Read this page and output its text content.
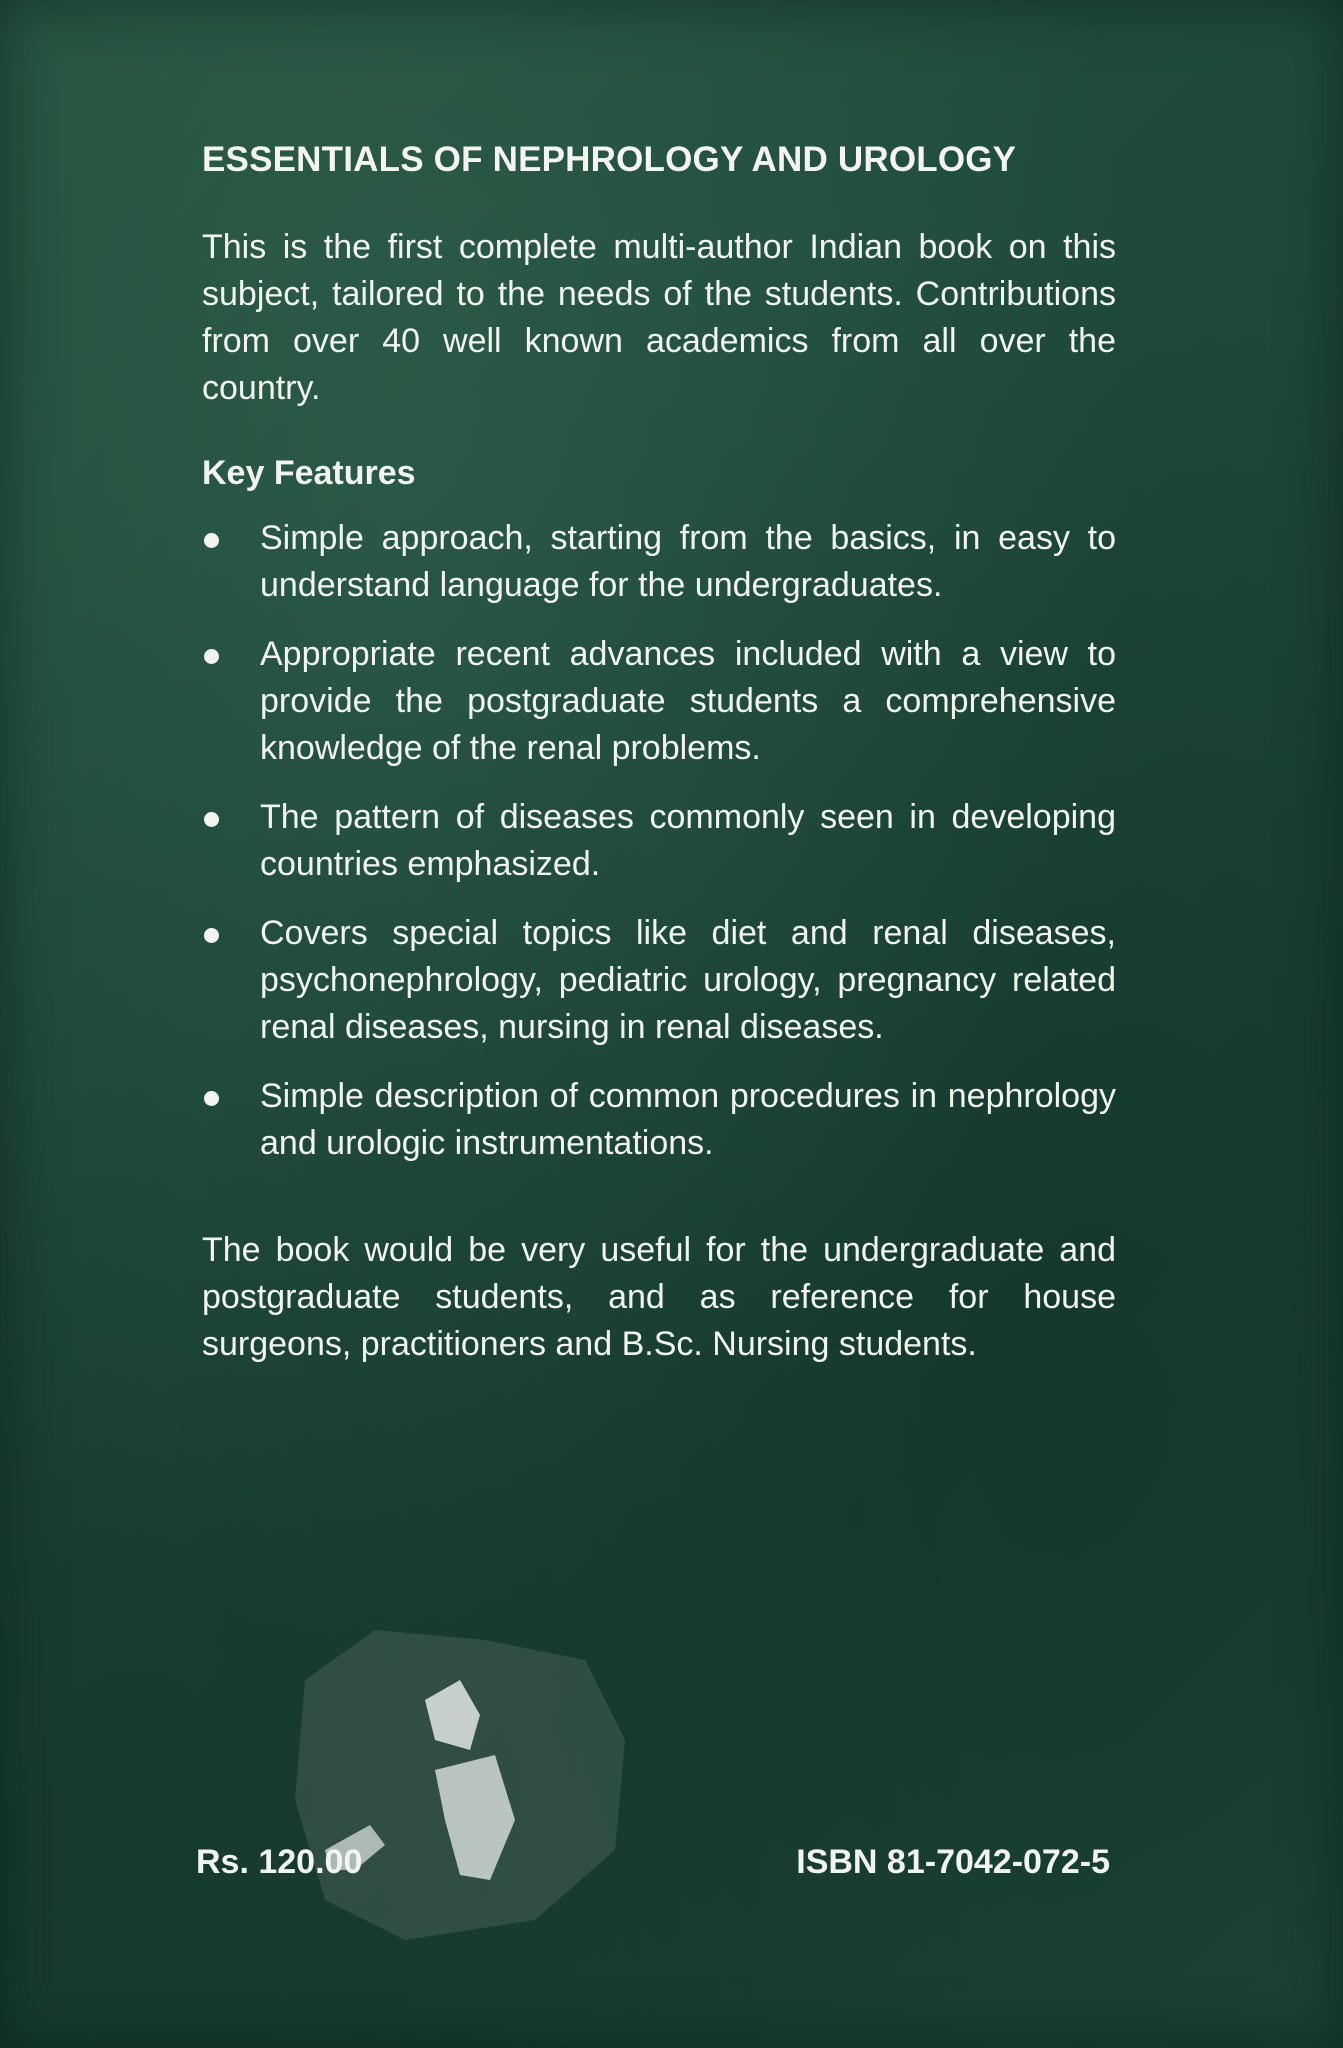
ESSENTIALS OF NEPHROLOGY AND UROLOGY

This is the first complete multi-author Indian book on this subject, tailored to the needs of the students. Contributions from over 40 well known academics from all over the country.

Key Features
Simple approach, starting from the basics, in easy to understand language for the undergraduates.
Appropriate recent advances included with a view to provide the postgraduate students a comprehensive knowledge of the renal problems.
The pattern of diseases commonly seen in developing countries emphasized.
Covers special topics like diet and renal diseases, psychonephrology, pediatric urology, pregnancy related renal diseases, nursing in renal diseases.
Simple description of common procedures in nephrology and urologic instrumentations.

The book would be very useful for the undergraduate and postgraduate students, and as reference for house surgeons, practitioners and B.Sc. Nursing students.

Rs. 120.00	ISBN 81-7042-072-5
